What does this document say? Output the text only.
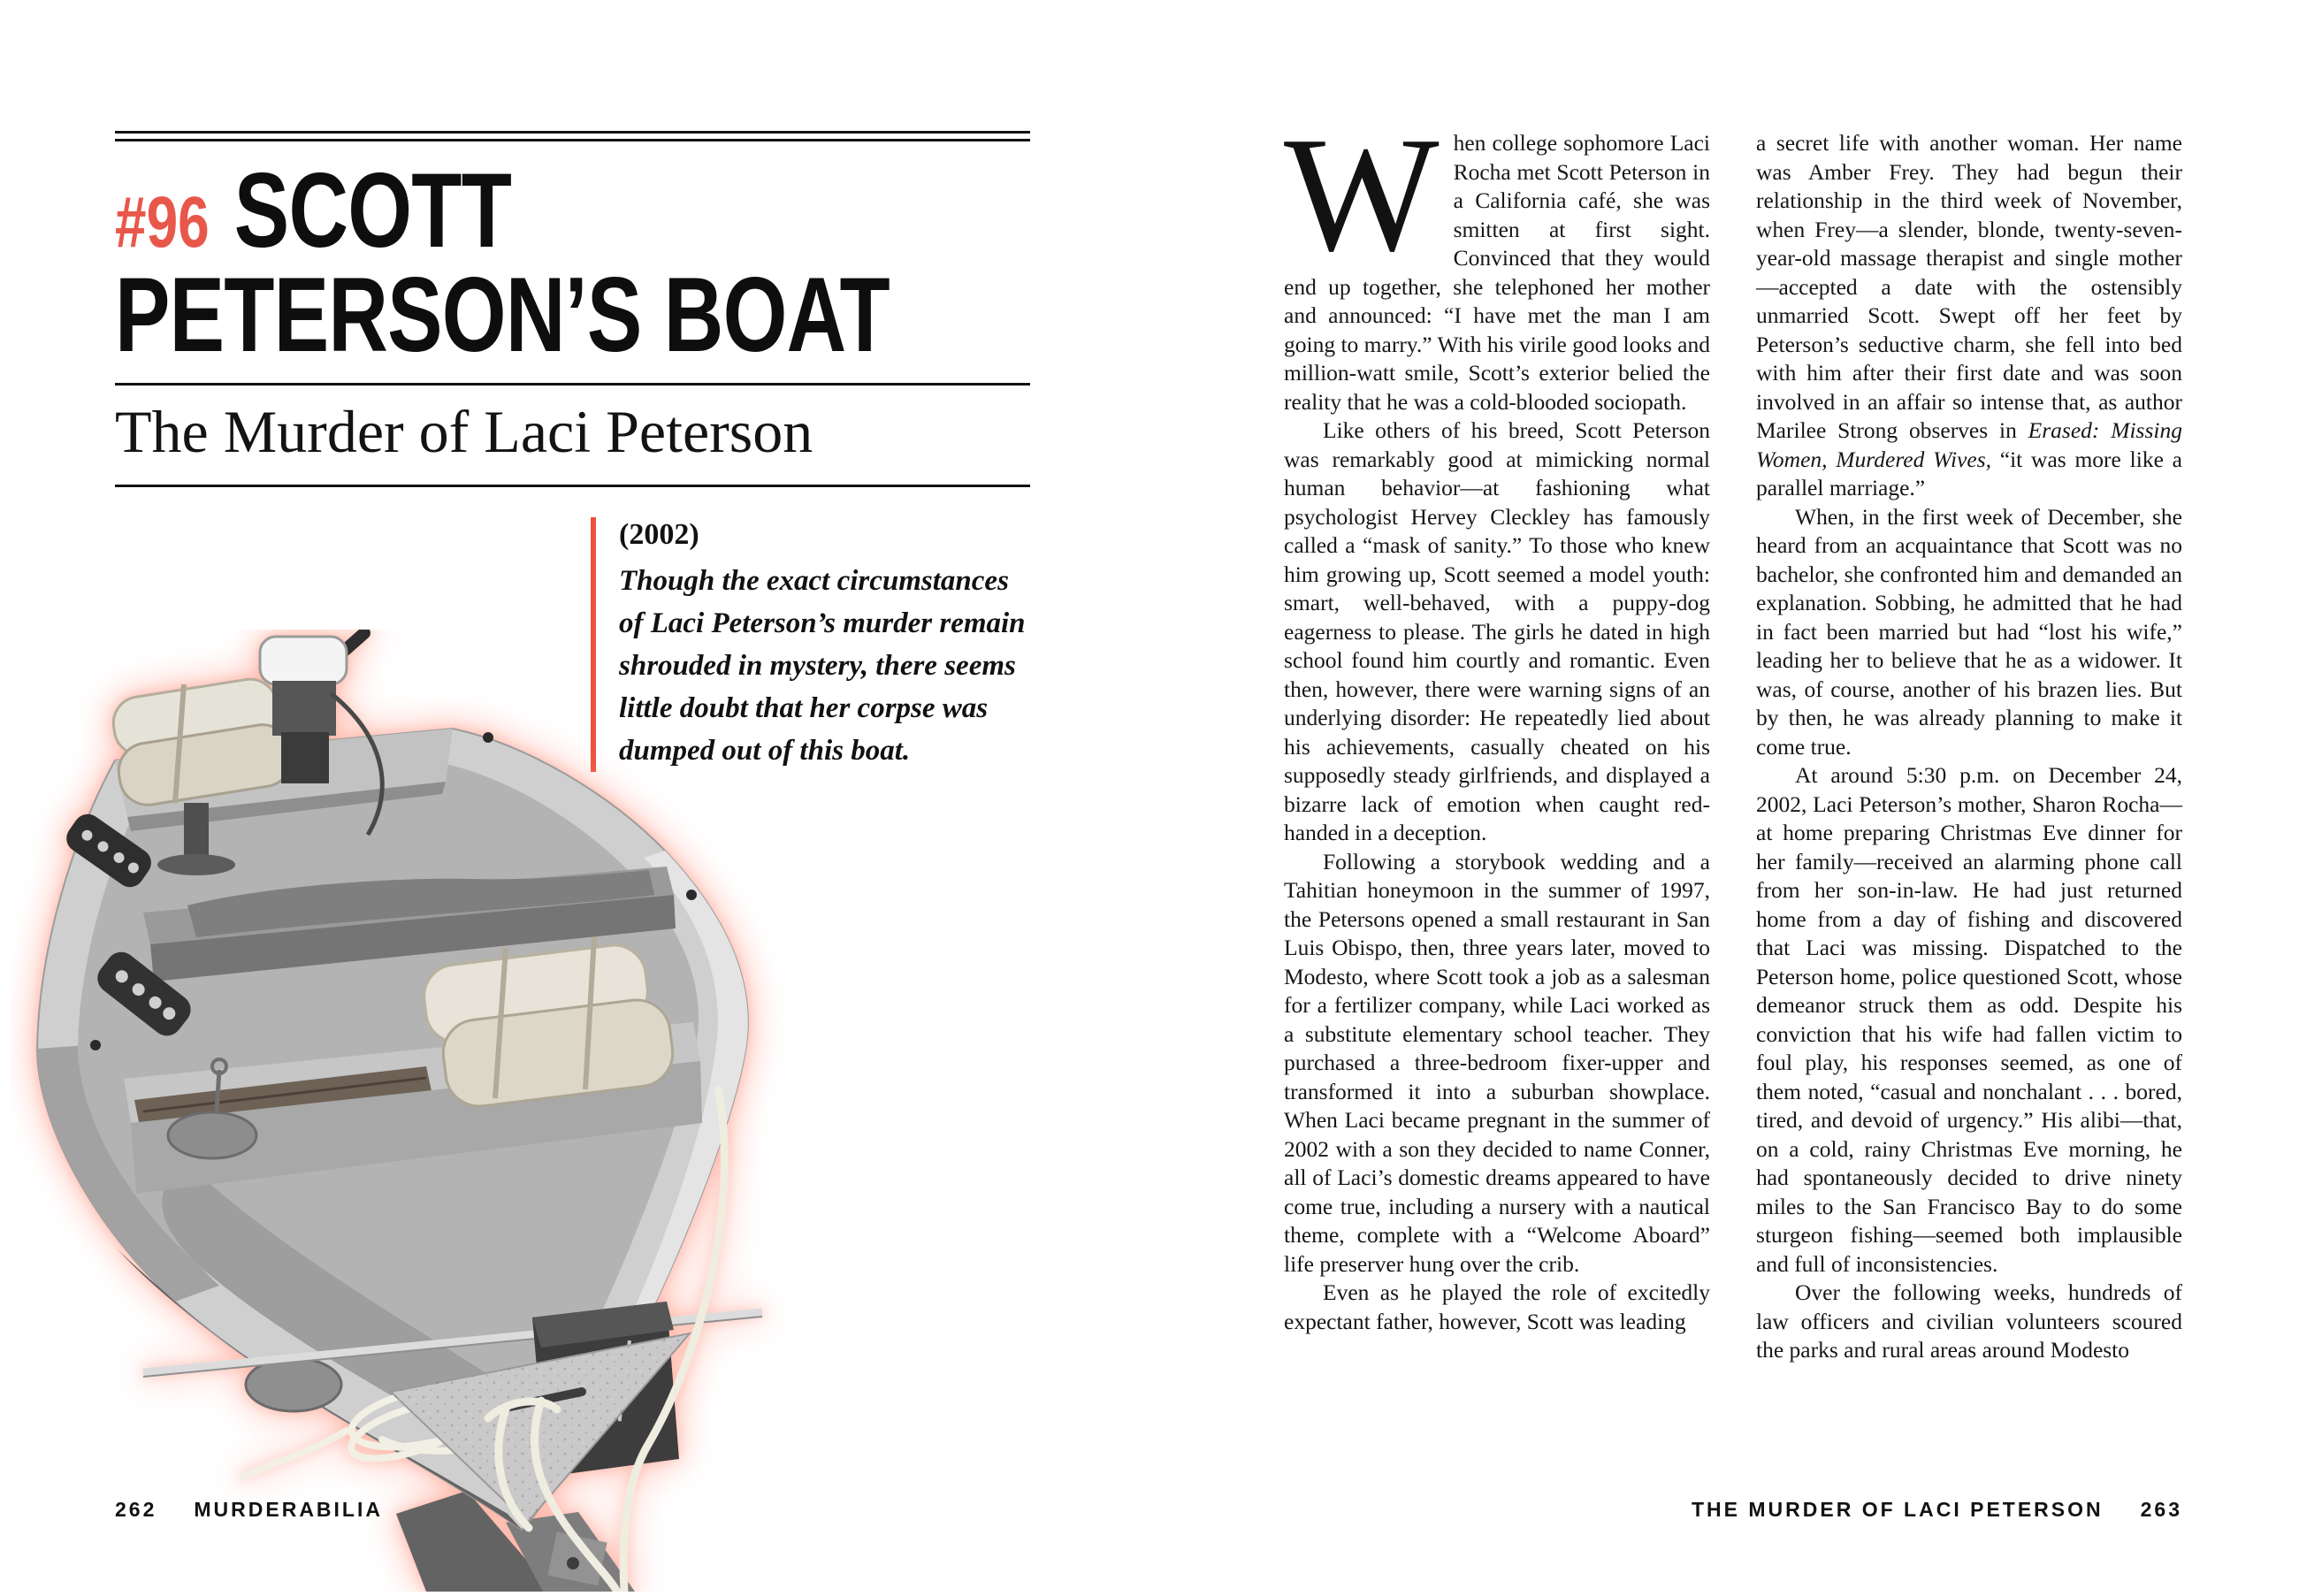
#96 SCOTT
PETERSON’S BOAT
The Murder of Laci Peterson
(2002)
Though the exact circumstances of Laci Peterson’s murder remain shrouded in mystery, there seems little doubt that her corpse was dumped out of this boat.
262 MURDERABILIA

When college sophomore Laci Rocha met Scott Peterson in a California café, she was smitten at first sight. Convinced that they would end up together, she telephoned her mother and announced: “I have met the man I am going to marry.” With his virile good looks and million-watt smile, Scott’s exterior belied the reality that he was a cold-blooded sociopath.

Like others of his breed, Scott Peterson was remarkably good at mimicking normal human behavior—at fashioning what psychologist Hervey Cleckley has famously called a “mask of sanity.” To those who knew him growing up, Scott seemed a model youth: smart, well-behaved, with a puppy-dog eagerness to please. The girls he dated in high school found him courtly and romantic. Even then, however, there were warning signs of an underlying disorder: He repeatedly lied about his achievements, casually cheated on his supposedly steady girlfriends, and displayed a bizarre lack of emotion when caught red-handed in a deception.

Following a storybook wedding and a Tahitian honeymoon in the summer of 1997, the Petersons opened a small restaurant in San Luis Obispo, then, three years later, moved to Modesto, where Scott took a job as a salesman for a fertilizer company, while Laci worked as a substitute elementary school teacher. They purchased a three-bedroom fixer-upper and transformed it into a suburban showplace. When Laci became pregnant in the summer of 2002 with a son they decided to name Conner, all of Laci’s domestic dreams appeared to have come true, including a nursery with a nautical theme, complete with a “Welcome Aboard” life preserver hung over the crib.

Even as he played the role of excitedly expectant father, however, Scott was leading

a secret life with another woman. Her name was Amber Frey. They had begun their relationship in the third week of November, when Frey—a slender, blonde, twenty-seven-year-old massage therapist and single mother—accepted a date with the ostensibly unmarried Scott. Swept off her feet by Peterson’s seductive charm, she fell into bed with him after their first date and was soon involved in an affair so intense that, as author Marilee Strong observes in Erased: Missing Women, Murdered Wives, “it was more like a parallel marriage.”

When, in the first week of December, she heard from an acquaintance that Scott was no bachelor, she confronted him and demanded an explanation. Sobbing, he admitted that he had in fact been married but had “lost his wife,” leading her to believe that he as a widower. It was, of course, another of his brazen lies. But by then, he was already planning to make it come true.

At around 5:30 p.m. on December 24, 2002, Laci Peterson’s mother, Sharon Rocha—at home preparing Christmas Eve dinner for her family—received an alarming phone call from her son-in-law. He had just returned home from a day of fishing and discovered that Laci was missing. Dispatched to the Peterson home, police questioned Scott, whose demeanor struck them as odd. Despite his conviction that his wife had fallen victim to foul play, his responses seemed, as one of them noted, “casual and nonchalant . . . bored, tired, and devoid of urgency.” His alibi—that, on a cold, rainy Christmas Eve morning, he had spontaneously decided to drive ninety miles to the San Francisco Bay to do some sturgeon fishing—seemed both implausible and full of inconsistencies.

Over the following weeks, hundreds of law officers and civilian volunteers scoured the parks and rural areas around Modesto

THE MURDER OF LACI PETERSON 263
